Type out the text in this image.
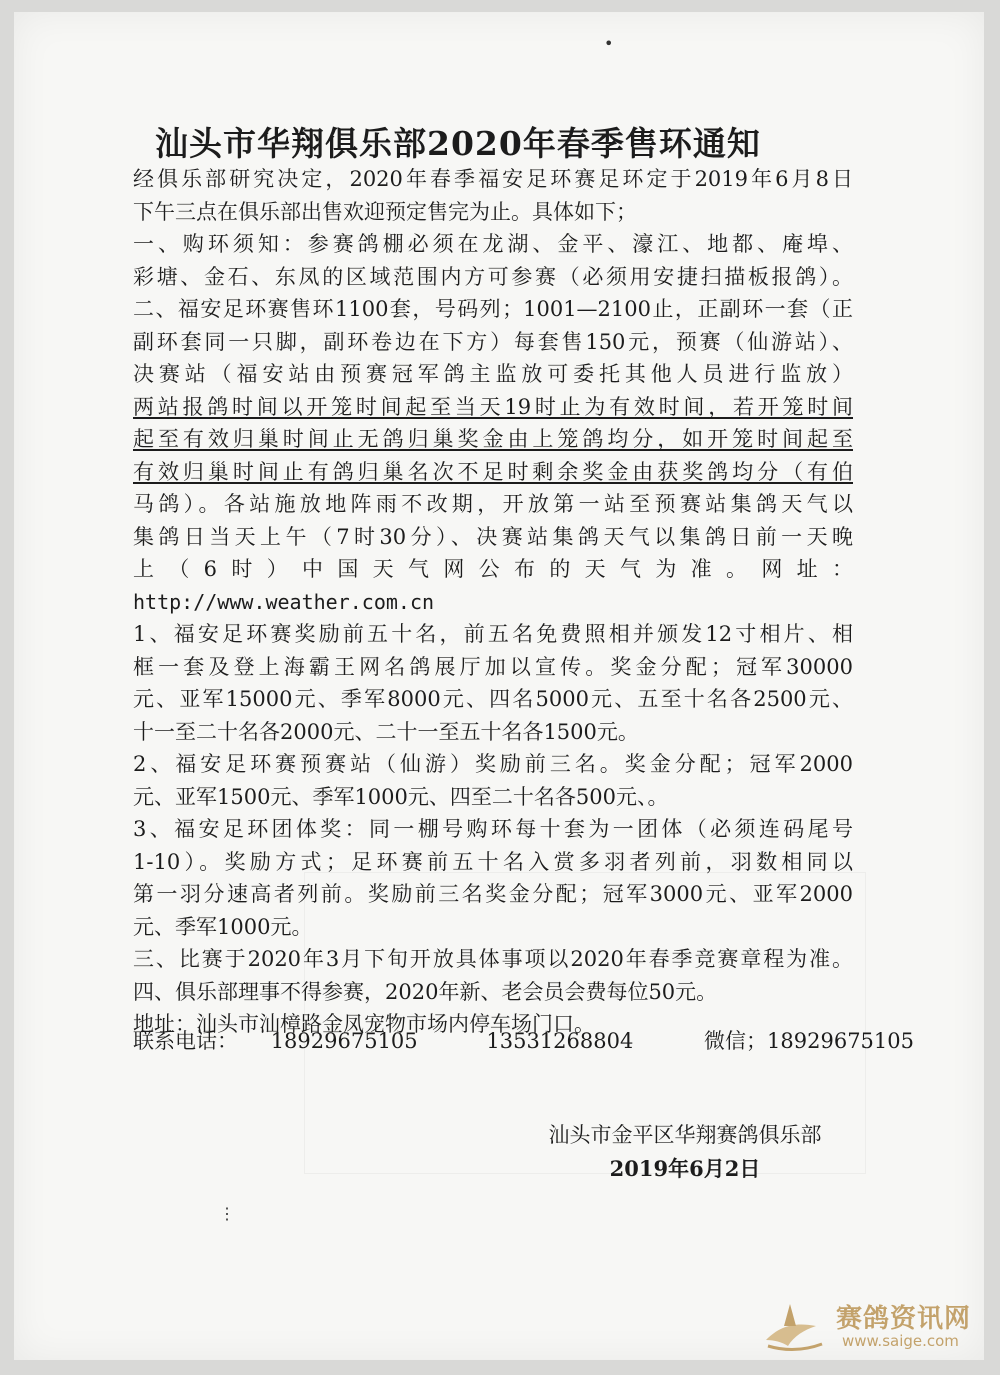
•
⋮
汕头市华翔俱乐部2020年春季售环通知
经俱乐部研究决定，2020年春季福安足环赛足环定于2019年6月8日
下午三点在俱乐部出售欢迎预定售完为止。具体如下；
一、购环须知：参赛鸽棚必须在龙湖、金平、濠江、地都、庵埠、
彩塘、金石、东凤的区域范围内方可参赛（必须用安捷扫描板报鸽）。
二、福安足环赛售环1100套，号码列；1001—2100止，正副环一套（正
副环套同一只脚，副环卷边在下方）每套售150元，预赛（仙游站）、
决赛站（福安站由预赛冠军鸽主监放可委托其他人员进行监放）
两站报鸽时间以开笼时间起至当天19时止为有效时间，若开笼时间
起至有效归巢时间止无鸽归巢奖金由上笼鸽均分，如开笼时间起至
有效归巢时间止有鸽归巢名次不足时剩余奖金由获奖鸽均分（有伯
马鸽）。各站施放地阵雨不改期，开放第一站至预赛站集鸽天气以
集鸽日当天上午（7时30分）、决赛站集鸽天气以集鸽日前一天晚
上（6时）中国天气网公布的天气为准。网址：
http://www.weather.com.cn
1、福安足环赛奖励前五十名，前五名免费照相并颁发12寸相片、相
框一套及登上海霸王网名鸽展厅加以宣传。奖金分配；冠军30000
元、亚军15000元、季军8000元、四名5000元、五至十名各2500元、
十一至二十名各2000元、二十一至五十名各1500元。
2、福安足环赛预赛站（仙游）奖励前三名。奖金分配；冠军2000
元、亚军1500元、季军1000元、四至二十名各500元、。
3、福安足环团体奖：同一棚号购环每十套为一团体（必须连码尾号
1-10）。奖励方式；足环赛前五十名入赏多羽者列前，羽数相同以
第一羽分速高者列前。奖励前三名奖金分配；冠军3000元、亚军2000
元、季军1000元。
三、比赛于2020年3月下旬开放具体事项以2020年春季竞赛章程为准。
四、俱乐部理事不得参赛，2020年新、老会员会费每位50元。
地址：汕头市汕樟路金凤宠物市场内停车场门口。
联系电话： 18929675105	13531268804	微信；18929675105
汕头市金平区华翔赛鸽俱乐部
2019年6月2日
赛鸽资讯网
www.saige.com
